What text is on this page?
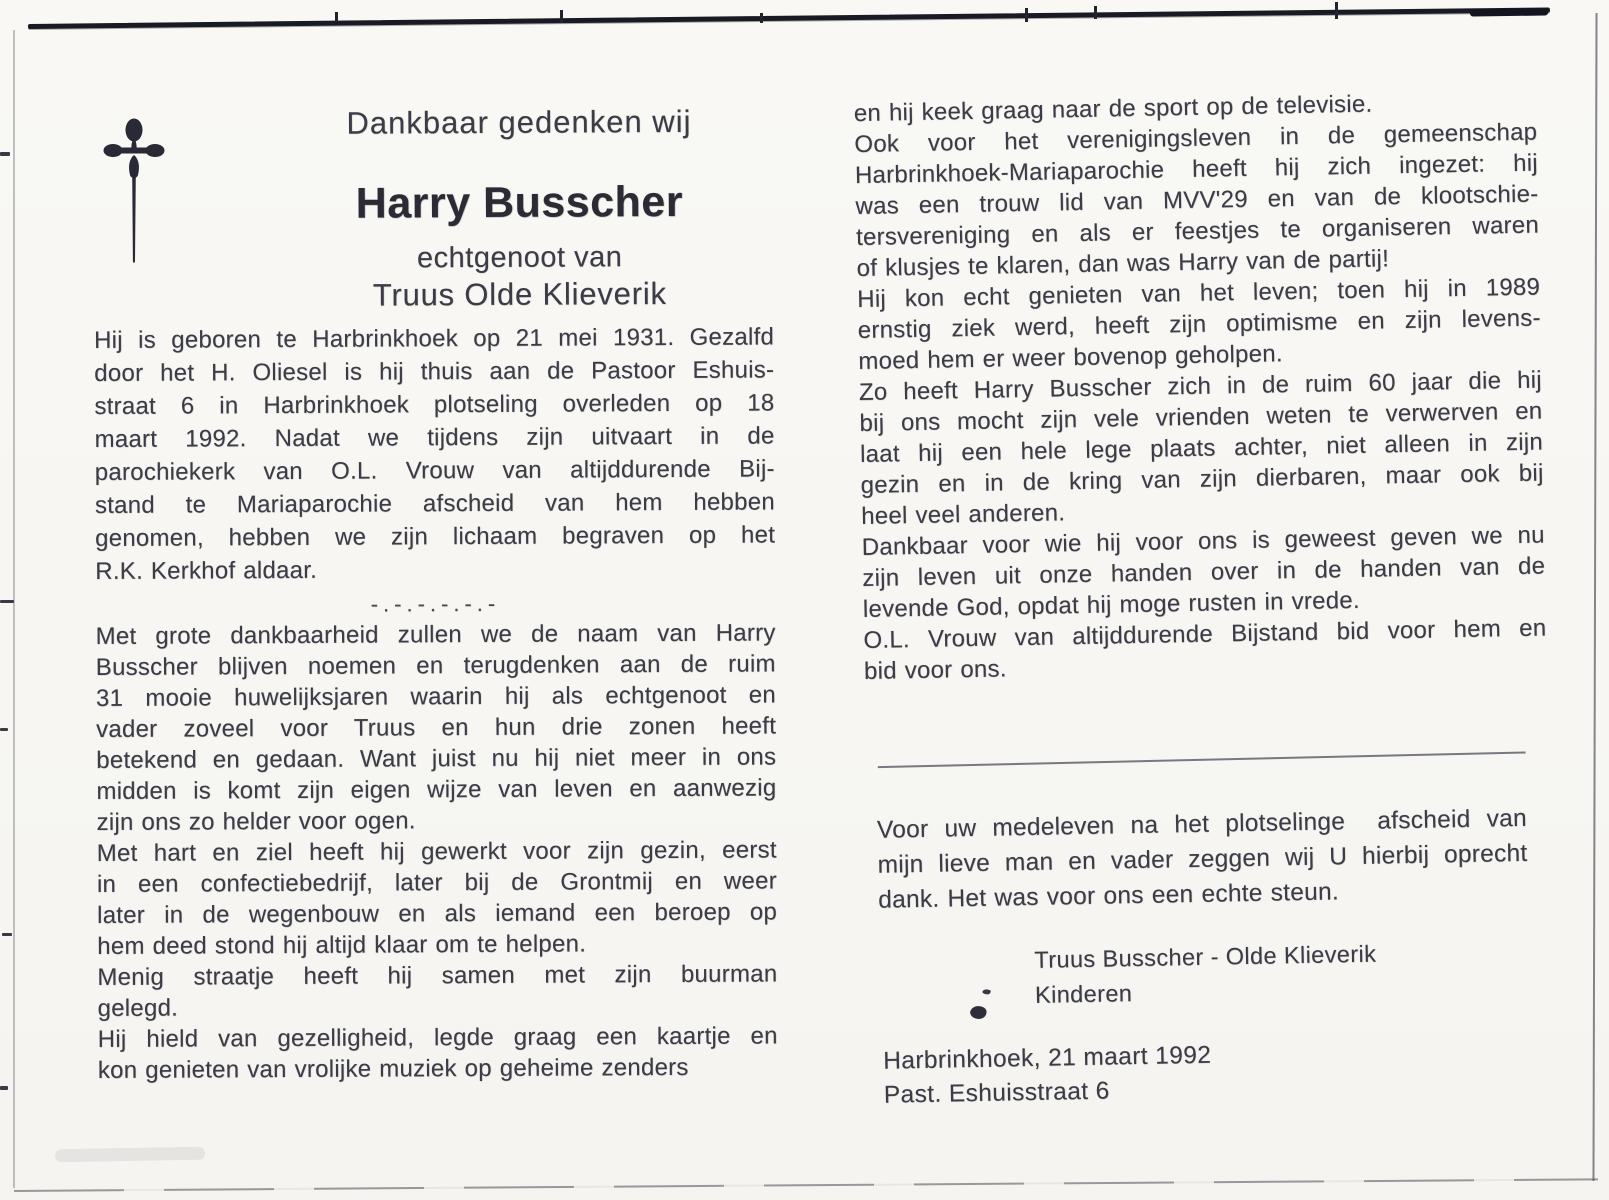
Dankbaar gedenken wij
Harry Busscher
echtgenoot van
Truus Olde Klieverik
Hij is geboren te Harbrinkhoek op 21 mei 1931. Gezalfd
door het H. Oliesel is hij thuis aan de Pastoor Eshuis-
straat 6 in Harbrinkhoek plotseling overleden op 18
maart 1992. Nadat we tijdens zijn uitvaart in de
parochiekerk van O.L. Vrouw van altijddurende Bij-
stand te Mariaparochie afscheid van hem hebben
genomen, hebben we zijn lichaam begraven op het
R.K. Kerkhof aldaar.
-.-.-.-.-.-
Met grote dankbaarheid zullen we de naam van Harry
Busscher blijven noemen en terugdenken aan de ruim
31 mooie huwelijksjaren waarin hij als echtgenoot en
vader zoveel voor Truus en hun drie zonen heeft
betekend en gedaan. Want juist nu hij niet meer in ons
midden is komt zijn eigen wijze van leven en aanwezig
zijn ons zo helder voor ogen.
Met hart en ziel heeft hij gewerkt voor zijn gezin, eerst
in een confectiebedrijf, later bij de Grontmij en weer
later in de wegenbouw en als iemand een beroep op
hem deed stond hij altijd klaar om te helpen.
Menig straatje heeft hij samen met zijn buurman
gelegd.
Hij hield van gezelligheid, legde graag een kaartje en
kon genieten van vrolijke muziek op geheime zenders
en hij keek graag naar de sport op de televisie.
Ook voor het verenigingsleven in de gemeenschap
Harbrinkhoek-Mariaparochie heeft hij zich ingezet: hij
was een trouw lid van MVV'29 en van de klootschie-
tersvereniging en als er feestjes te organiseren waren
of klusjes te klaren, dan was Harry van de partij!
Hij kon echt genieten van het leven; toen hij in 1989
ernstig ziek werd, heeft zijn optimisme en zijn levens-
moed hem er weer bovenop geholpen.
Zo heeft Harry Busscher zich in de ruim 60 jaar die hij
bij ons mocht zijn vele vrienden weten te verwerven en
laat hij een hele lege plaats achter, niet alleen in zijn
gezin en in de kring van zijn dierbaren, maar ook bij
heel veel anderen.
Dankbaar voor wie hij voor ons is geweest geven we nu
zijn leven uit onze handen over in de handen van de
levende God, opdat hij moge rusten in vrede.
O.L. Vrouw van altijddurende Bijstand bid voor hem en
bid voor ons.
Voor uw medeleven na het plotselinge  afscheid van
mijn lieve man en vader zeggen wij U hierbij oprecht
dank. Het was voor ons een echte steun.
Truus Busscher - Olde Klieverik
Kinderen
Harbrinkhoek, 21 maart 1992
Past. Eshuisstraat 6
